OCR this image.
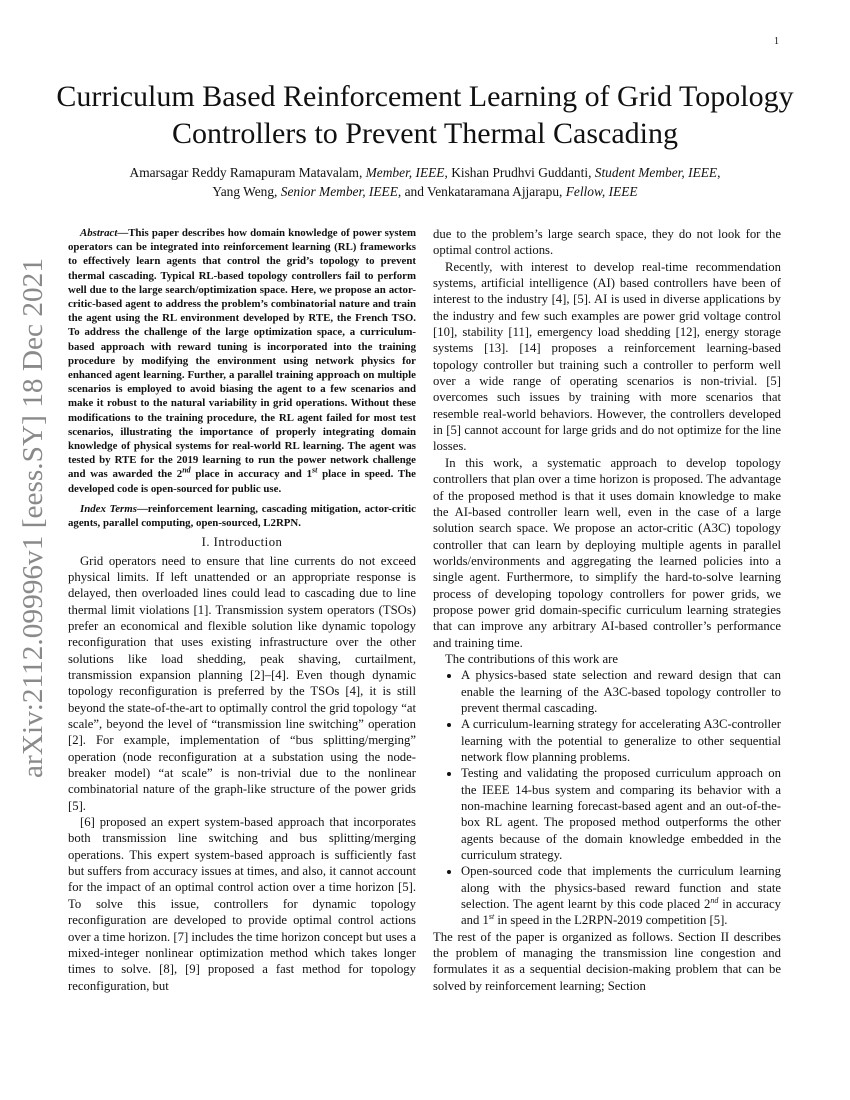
1
arXiv:2112.09996v1 [eess.SY] 18 Dec 2021
Curriculum Based Reinforcement Learning of Grid Topology Controllers to Prevent Thermal Cascading
Amarsagar Reddy Ramapuram Matavalam, Member, IEEE, Kishan Prudhvi Guddanti, Student Member, IEEE,
Yang Weng, Senior Member, IEEE, and Venkataramana Ajjarapu, Fellow, IEEE

Abstract—This paper describes how domain knowledge of power system operators can be integrated into reinforcement learning (RL) frameworks to effectively learn agents that control the grid’s topology to prevent thermal cascading. Typical RL-based topology controllers fail to perform well due to the large search/optimization space. Here, we propose an actor-critic-based agent to address the problem’s combinatorial nature and train the agent using the RL environment developed by RTE, the French TSO. To address the challenge of the large optimization space, a curriculum-based approach with reward tuning is incorporated into the training procedure by modifying the environment using network physics for enhanced agent learning. Further, a parallel training approach on multiple scenarios is employed to avoid biasing the agent to a few scenarios and make it robust to the natural variability in grid operations. Without these modifications to the training procedure, the RL agent failed for most test scenarios, illustrating the importance of properly integrating domain knowledge of physical systems for real-world RL learning. The agent was tested by RTE for the 2019 learning to run the power network challenge and was awarded the 2nd place in accuracy and 1st place in speed. The developed code is open-sourced for public use.

Index Terms—reinforcement learning, cascading mitigation, actor-critic agents, parallel computing, open-sourced, L2RPN.

I. Introduction

Grid operators need to ensure that line currents do not exceed physical limits. If left unattended or an appropriate response is delayed, then overloaded lines could lead to cascading due to line thermal limit violations [1]. Transmission system operators (TSOs) prefer an economical and flexible solution like dynamic topology reconfiguration that uses existing infrastructure over the other solutions like load shedding, peak shaving, curtailment, transmission expansion planning [2]–[4]. Even though dynamic topology reconfiguration is preferred by the TSOs [4], it is still beyond the state-of-the-art to optimally control the grid topology “at scale”, beyond the level of “transmission line switching” operation [2]. For example, implementation of “bus splitting/merging” operation (node reconfiguration at a substation using the node-breaker model) “at scale” is non-trivial due to the nonlinear combinatorial nature of the graph-like structure of the power grids [5].

[6] proposed an expert system-based approach that incorporates both transmission line switching and bus splitting/merging operations. This expert system-based approach is sufficiently fast but suffers from accuracy issues at times, and also, it cannot account for the impact of an optimal control action over a time horizon [5]. To solve this issue, controllers for dynamic topology reconfiguration are developed to provide optimal control actions over a time horizon. [7] includes the time horizon concept but uses a mixed-integer nonlinear optimization method which takes longer times to solve. [8], [9] proposed a fast method for topology reconfiguration, but

due to the problem’s large search space, they do not look for the optimal control actions.

Recently, with interest to develop real-time recommendation systems, artificial intelligence (AI) based controllers have been of interest to the industry [4], [5]. AI is used in diverse applications by the industry and few such examples are power grid voltage control [10], stability [11], emergency load shedding [12], energy storage systems [13]. [14] proposes a reinforcement learning-based topology controller but training such a controller to perform well over a wide range of operating scenarios is non-trivial. [5] overcomes such issues by training with more scenarios that resemble real-world behaviors. However, the controllers developed in [5] cannot account for large grids and do not optimize for the line losses.

In this work, a systematic approach to develop topology controllers that plan over a time horizon is proposed. The advantage of the proposed method is that it uses domain knowledge to make the AI-based controller learn well, even in the case of a large solution search space. We propose an actor-critic (A3C) topology controller that can learn by deploying multiple agents in parallel worlds/environments and aggregating the learned policies into a single agent. Furthermore, to simplify the hard-to-solve learning process of developing topology controllers for power grids, we propose power grid domain-specific curriculum learning strategies that can improve any arbitrary AI-based controller’s performance and training time.

The contributions of this work are

• A physics-based state selection and reward design that can enable the learning of the A3C-based topology controller to prevent thermal cascading.
• A curriculum-learning strategy for accelerating A3C-controller learning with the potential to generalize to other sequential network flow planning problems.
• Testing and validating the proposed curriculum approach on the IEEE 14-bus system and comparing its behavior with a non-machine learning forecast-based agent and an out-of-the-box RL agent. The proposed method outperforms the other agents because of the domain knowledge embedded in the curriculum strategy.
• Open-sourced code that implements the curriculum learning along with the physics-based reward function and state selection. The agent learnt by this code placed 2nd in accuracy and 1st in speed in the L2RPN-2019 competition [5].

The rest of the paper is organized as follows. Section II describes the problem of managing the transmission line congestion and formulates it as a sequential decision-making problem that can be solved by reinforcement learning; Section
